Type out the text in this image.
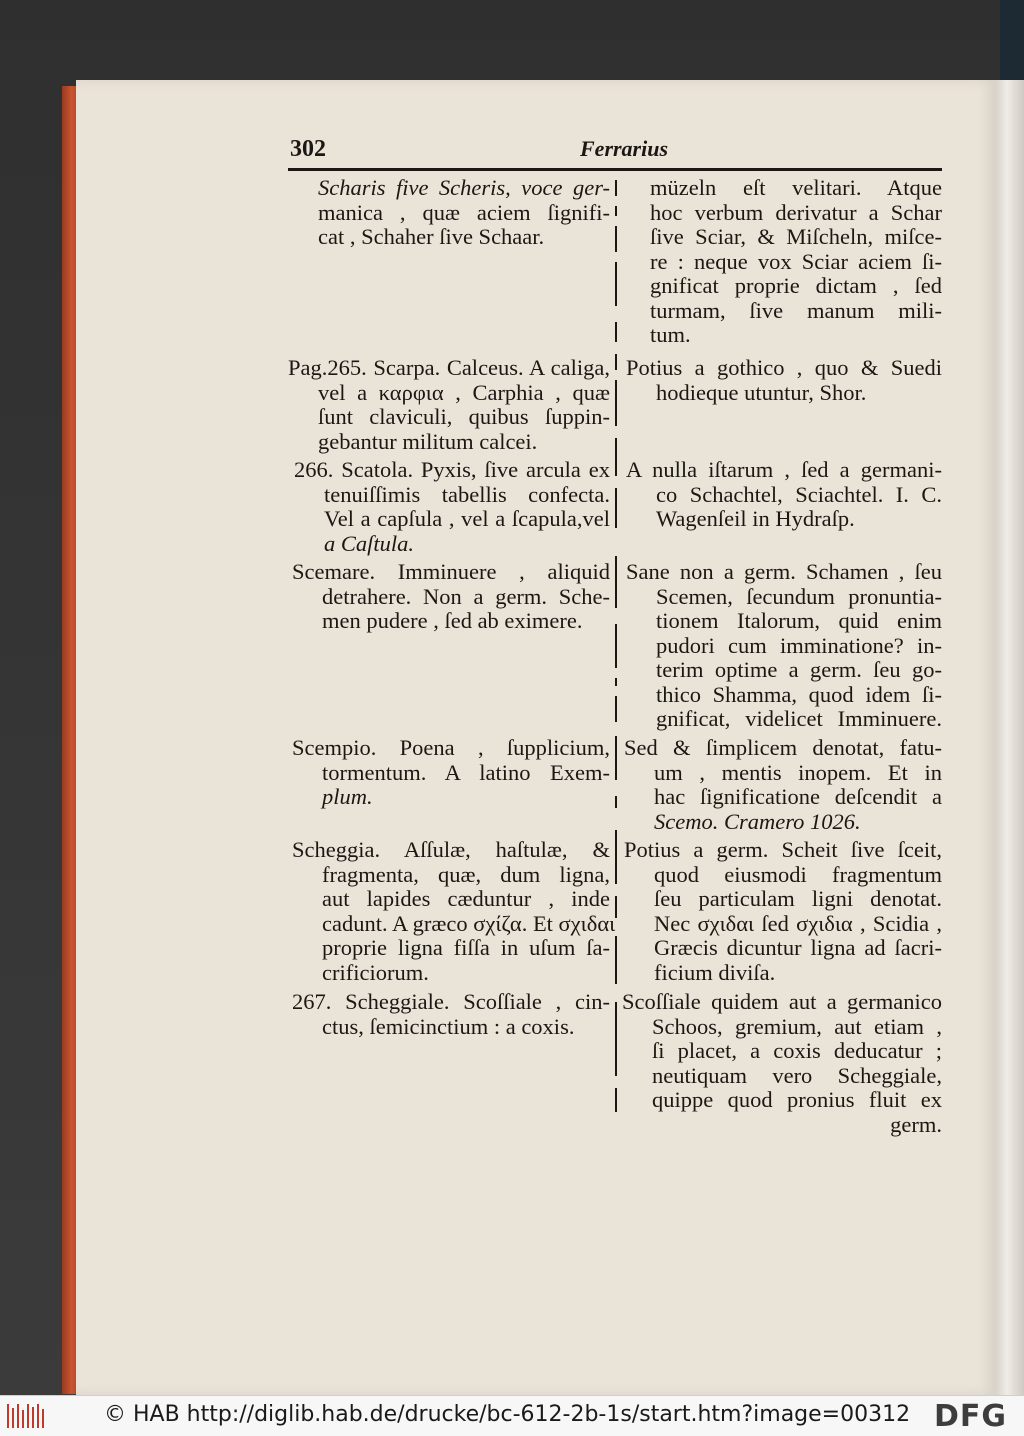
302	Ferrarius
Scharis five Scheris, voce ger-
manica , quæ aciem ſignifi-
cat , Schaher ſive Schaar.
Pag.265. Scarpa. Calceus. A caliga,
vel a καρφια , Carphia , quæ
ſunt claviculi, quibus ſuppin-
gebantur militum calcei.
266. Scatola. Pyxis, ſive arcula ex
tenuiſſimis tabellis confecta.
Vel a capſula , vel a ſcapula,vel
a Caſtula.
Scemare. Imminuere , aliquid
detrahere. Non a germ. Sche-
men pudere , ſed ab eximere.
Scempio. Poena , ſupplicium,
tormentum. A latino Exem-
plum.
Scheggia. Aſſulæ, haſtulæ, &
fragmenta, quæ, dum ligna,
aut lapides cæduntur , inde
cadunt. A græco σχίζα. Et σχιδαι
proprie ligna fiſſa in uſum ſa-
crificiorum.
267. Scheggiale. Scoſſiale , cin-
ctus, ſemicinctium : a coxis.
müzeln eſt velitari. Atque
hoc verbum derivatur a Schar
ſive Sciar, & Miſcheln, miſce-
re : neque vox Sciar aciem ſi-
gnificat proprie dictam , ſed
turmam, ſive manum mili-
tum.
Potius a gothico , quo & Suedi
hodieque utuntur, Shor.
A nulla iſtarum , ſed a germani-
co Schachtel, Sciachtel. I. C.
Wagenſeil in Hydraſp.
Sane non a germ. Schamen , ſeu
Scemen, ſecundum pronuntia-
tionem Italorum, quid enim
pudori cum imminatione? in-
terim optime a germ. ſeu go-
thico Shamma, quod idem ſi-
gnificat, videlicet Imminuere.
Sed & ſimplicem denotat, fatu-
um , mentis inopem. Et in
hac ſignificatione deſcendit a
Scemo. Cramero 1026.
Potius a germ. Scheit ſive ſceit,
quod eiusmodi fragmentum
ſeu particulam ligni denotat.
Nec σχιδαι ſed σχιδια , Scidia ,
Græcis dicuntur ligna ad ſacri-
ficium diviſa.
Scoſſiale quidem aut a germanico
Schoos, gremium, aut etiam ,
ſi placet, a coxis deducatur ;
neutiquam vero Scheggiale,
quippe quod pronius fluit ex
germ.
© HAB http://diglib.hab.de/drucke/bc-612-2b-1s/start.htm?image=00312 DFG
